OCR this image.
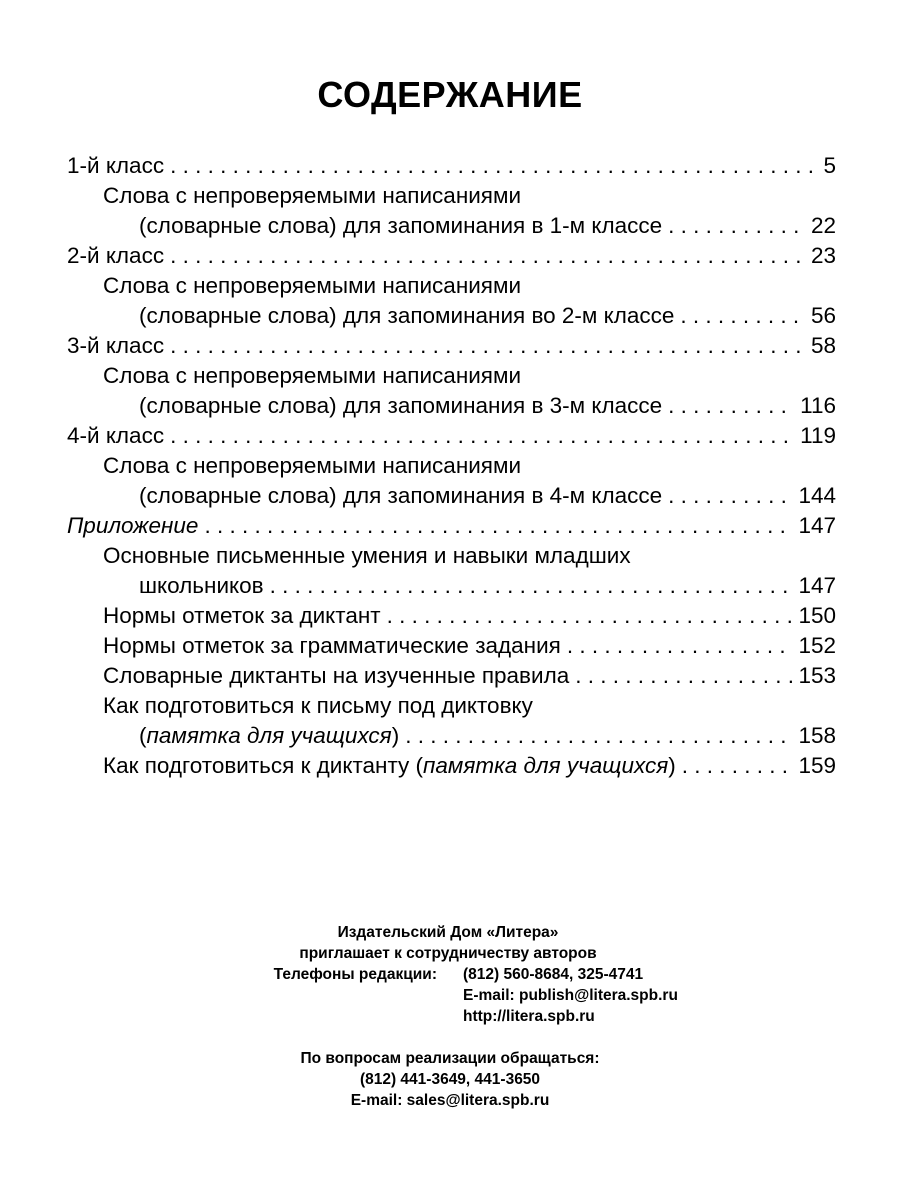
СОДЕРЖАНИЕ
1-й класс . . .	5
Слова с непроверяемыми написаниями
(словарные слова) для запоминания в 1-м классе . . .	22
2-й класс . . .	23
Слова с непроверяемыми написаниями
(словарные слова) для запоминания во 2-м классе . . .	56
3-й класс . . .	58
Слова с непроверяемыми написаниями
(словарные слова) для запоминания в 3-м классе . . .	116
4-й класс . . .	119
Слова с непроверяемыми написаниями
(словарные слова) для запоминания в 4-м классе . . .	144
Приложение . . .	147
Основные письменные умения и навыки младших
школьников . . .	147
Нормы отметок за диктант . . .	150
Нормы отметок за грамматические задания . . .	152
Словарные диктанты на изученные правила . . .	153
Как подготовиться к письму под диктовку
(памятка для учащихся) . . .	158
Как подготовиться к диктанту (памятка для учащихся) . . .	159
Издательский Дом «Литера»
приглашает к сотрудничеству авторов
Телефоны редакции: (812) 560-8684, 325-4741
E-mail: publish@litera.spb.ru
http://litera.spb.ru
По вопросам реализации обращаться:
(812) 441-3649, 441-3650
E-mail: sales@litera.spb.ru
